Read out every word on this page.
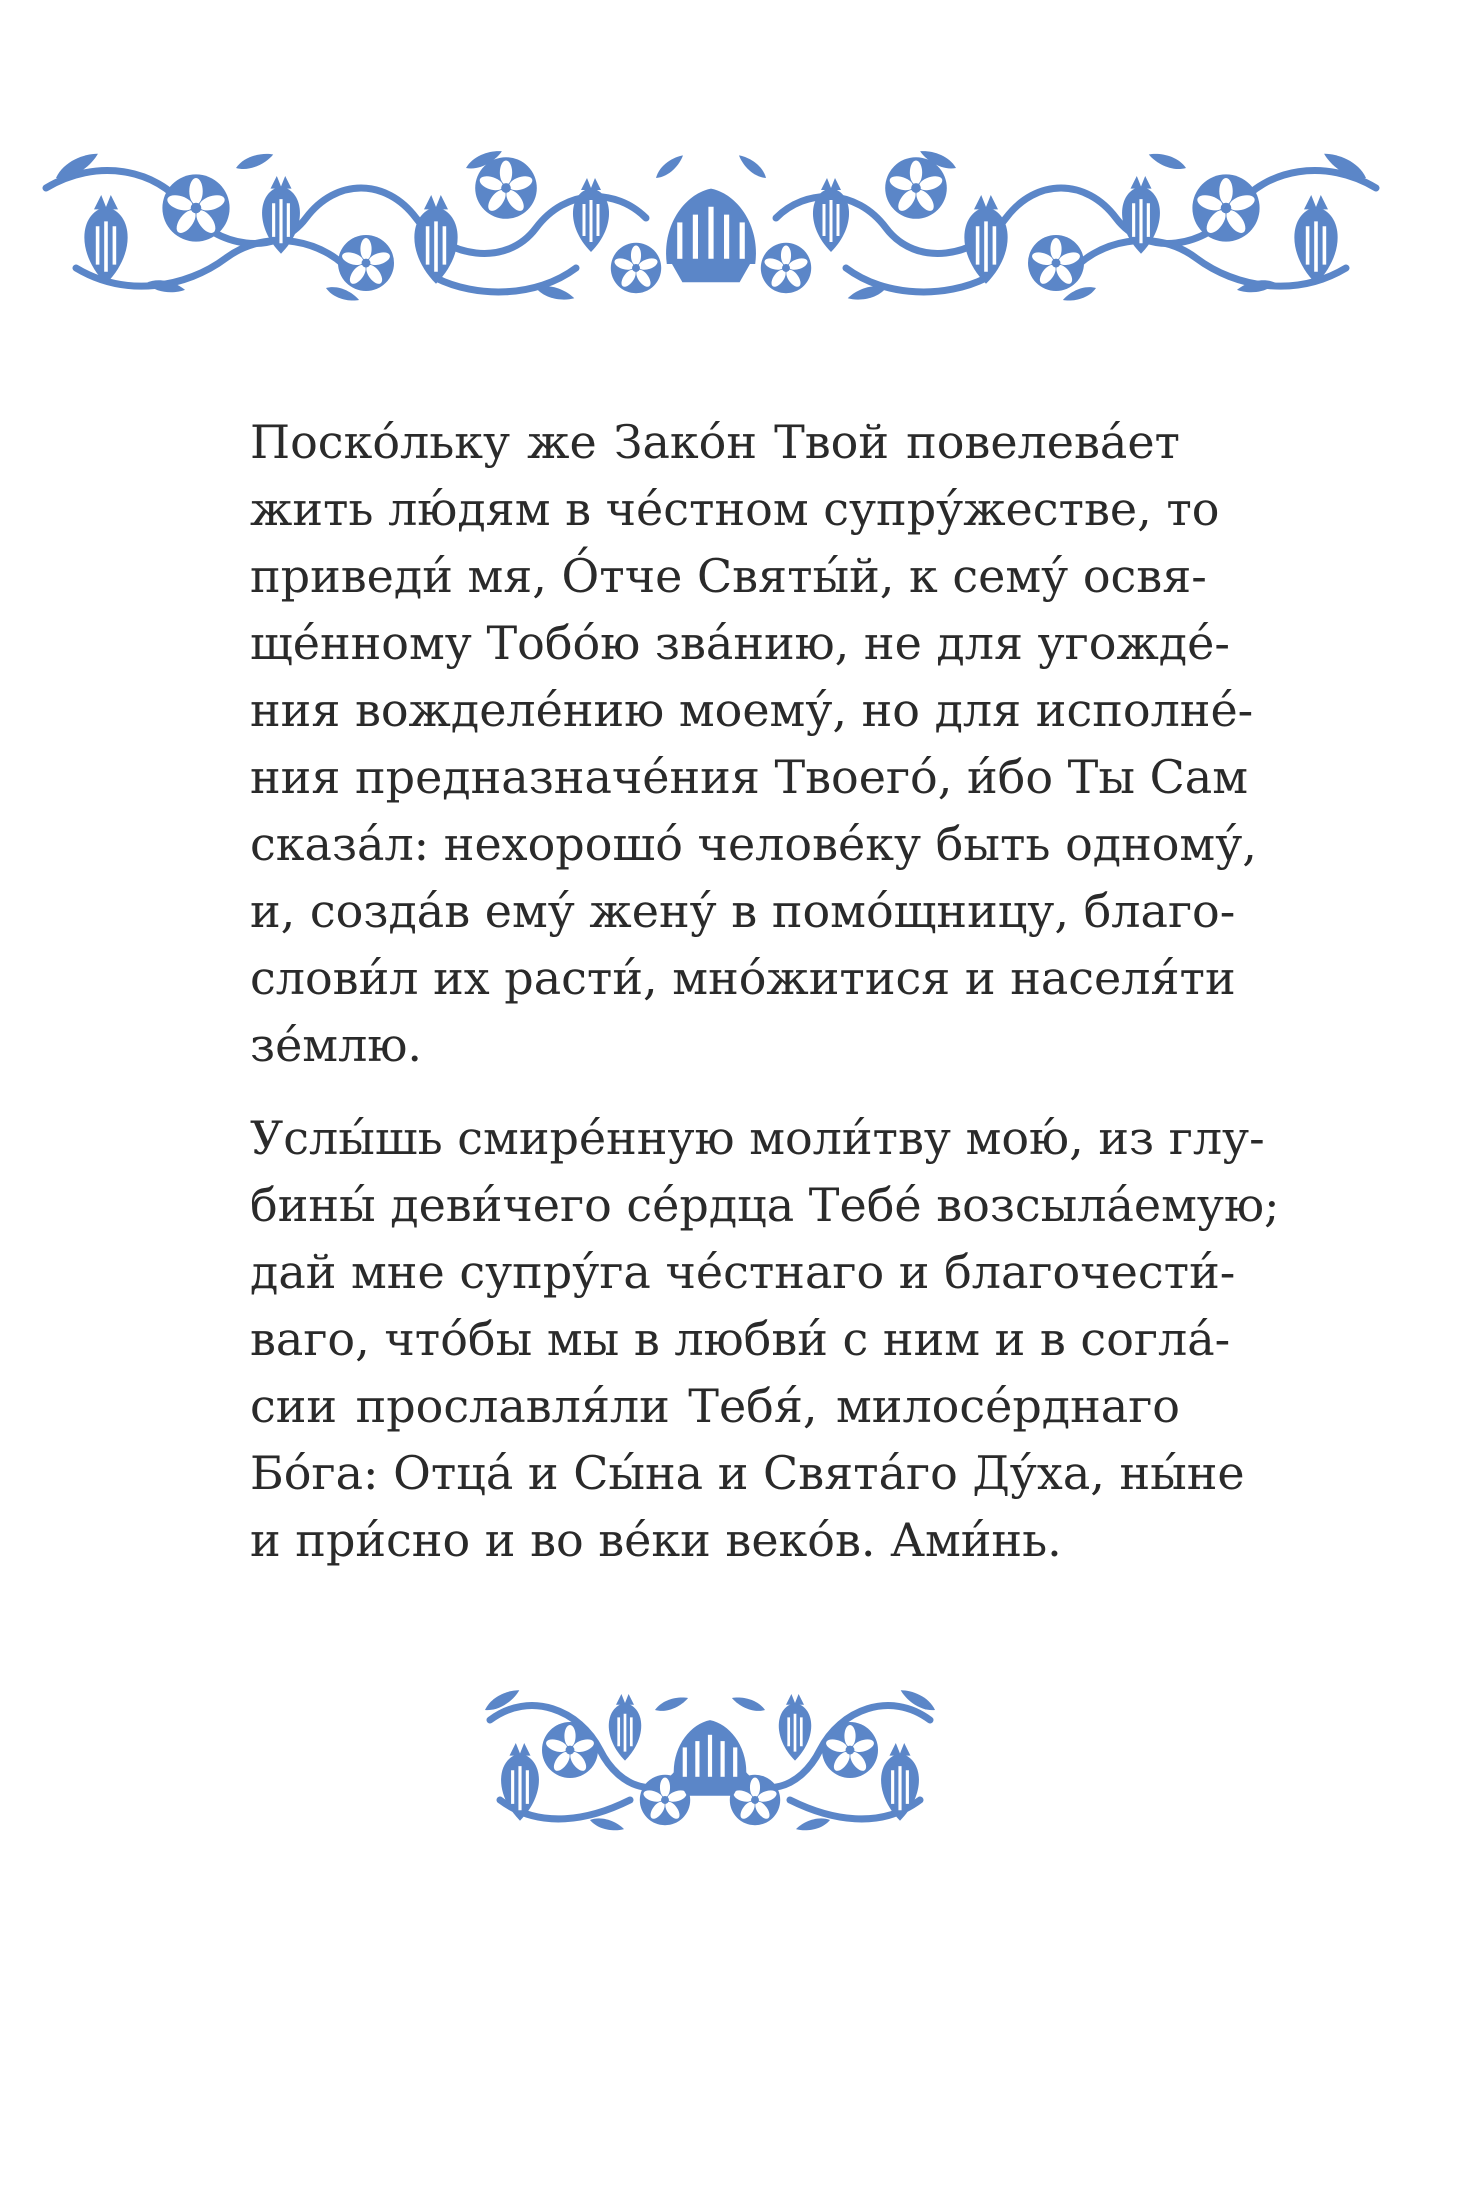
Поско́льку же Зако́н Твой повелева́ет
жить лю́дям в че́стном супру́жестве, то
приведи́ мя, О́тче Святы́й, к сему́ освя-
ще́нному Тобо́ю зва́нию, не для угожде́-
ния вожделе́нию моему́, но для исполне́-
ния предназначе́ния Твоего́, и́бо Ты Сам
сказа́л: нехорошо́ челове́ку быть одному́,
и, созда́в ему́ жену́ в помо́щницу, благо-
слови́л их расти́, мно́житися и населя́ти
зе́млю.
Услы́шь смире́нную моли́тву мою́, из глу-
бины́ деви́чего се́рдца Тебе́ возсыла́емую;
дай мне супру́га че́стнаго и благочести́-
ваго, что́бы мы в любви́ с ним и в согла́-
сии прославля́ли Тебя́, милосе́рднаго
Бо́га: Отца́ и Сы́на и Свята́го Ду́ха, ны́не
и при́сно и во ве́ки веко́в. Ами́нь.
